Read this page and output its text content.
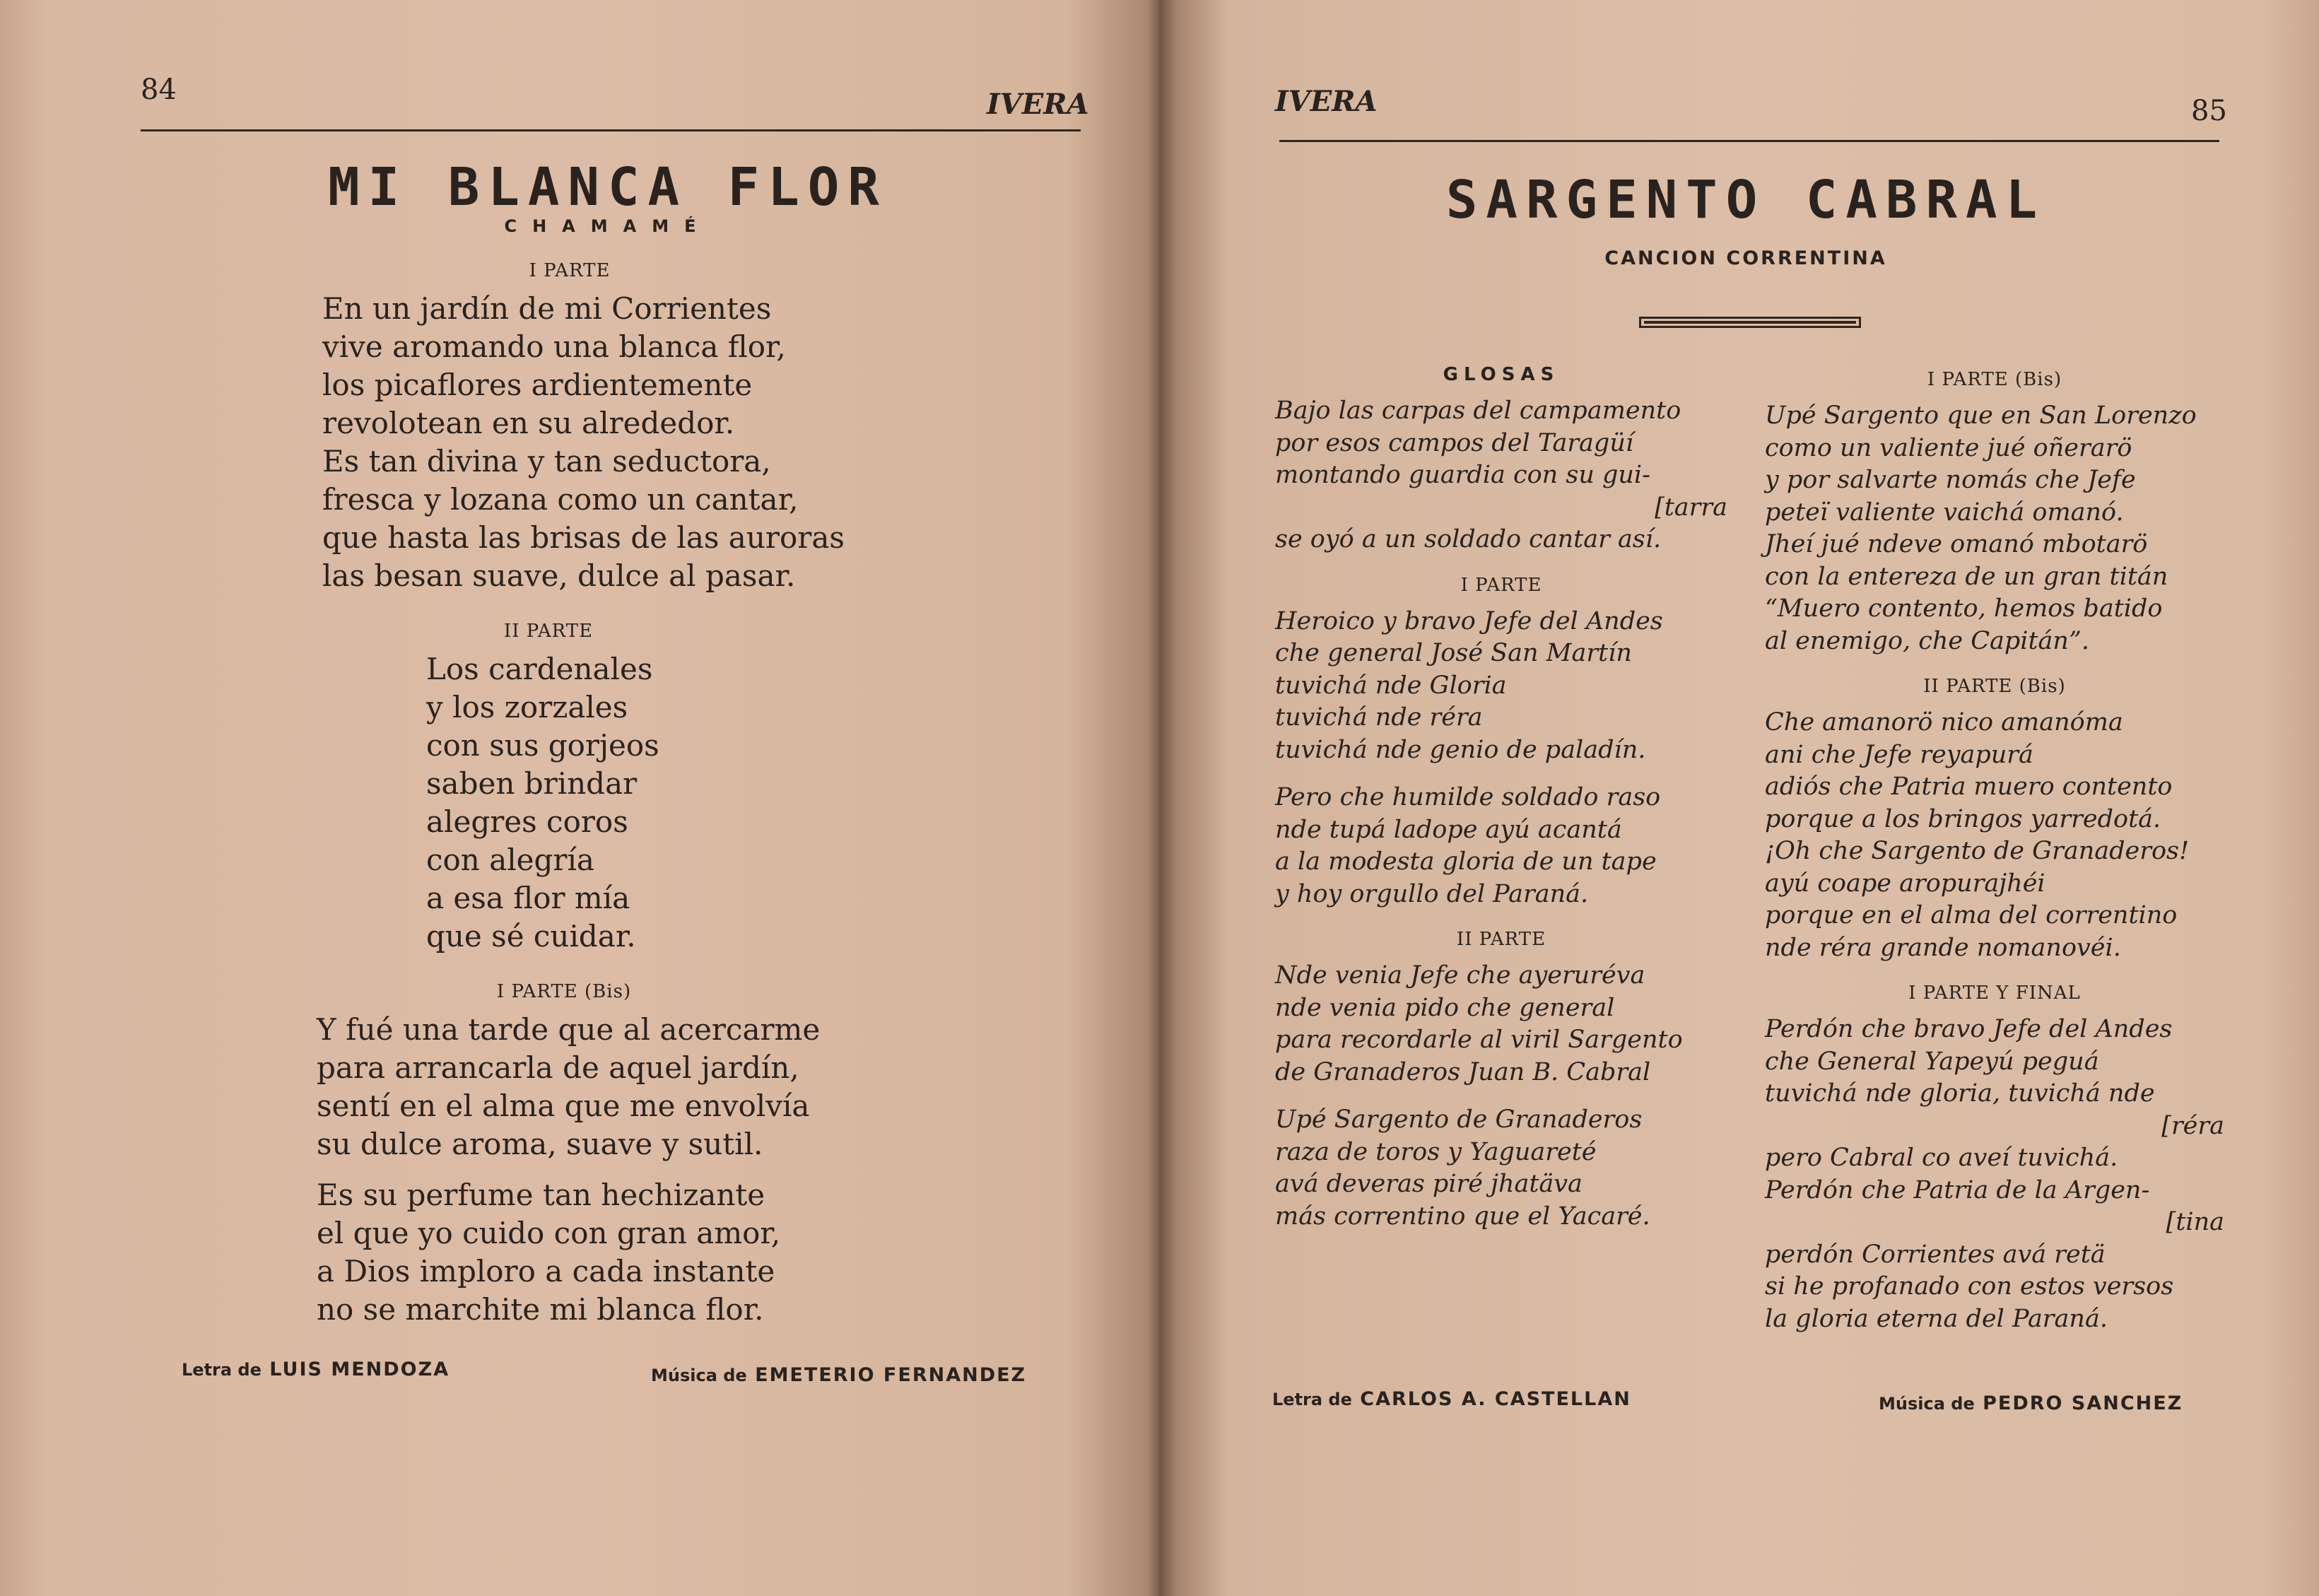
84	IVERA
MI BLANCA FLOR
CHAMAMÉ
I PARTE
En un jardín de mi Corrientes
vive aromando una blanca flor,
los picaflores ardientemente
revolotean en su alrededor.
Es tan divina y tan seductora,
fresca y lozana como un cantar,
que hasta las brisas de las auroras
las besan suave, dulce al pasar.
II PARTE
Los cardenales
y los zorzales
con sus gorjeos
saben brindar
alegres coros
con alegría
a esa flor mía
que sé cuidar.
I PARTE (Bis)
Y fué una tarde que al acercarme
para arrancarla de aquel jardín,
sentí en el alma que me envolvía
su dulce aroma, suave y sutil.
Es su perfume tan hechizante
el que yo cuido con gran amor,
a Dios imploro a cada instante
no se marchite mi blanca flor.
Letra de LUIS MENDOZA	Música de EMETERIO FERNANDEZ
IVERA	85
SARGENTO CABRAL
CANCION CORRENTINA
GLOSAS
Bajo las carpas del campamento
por esos campos del Taragüí
montando guardia con su gui-
[tarra
se oyó a un soldado cantar así.
I PARTE
Heroico y bravo Jefe del Andes
che general José San Martín
tuvichá nde Gloria
tuvichá nde réra
tuvichá nde genio de paladín.
Pero che humilde soldado raso
nde tupá ladope ayú acantá
a la modesta gloria de un tape
y hoy orgullo del Paraná.
II PARTE
Nde venia Jefe che ayeruréva
nde venia pido che general
para recordarle al viril Sargento
de Granaderos Juan B. Cabral
Upé Sargento de Granaderos
raza de toros y Yaguareté
avá deveras piré jhatäva
más correntino que el Yacaré.
I PARTE (Bis)
Upé Sargento que en San Lorenzo
como un valiente jué oñerarö
y por salvarte nomás che Jefe
peteï valiente vaichá omanó.
Jheí jué ndeve omanó mbotarö
con la entereza de un gran titán
“Muero contento, hemos batido
al enemigo, che Capitán”.
II PARTE (Bis)
Che amanorö nico amanóma
ani che Jefe reyapurá
adiós che Patria muero contento
porque a los bringos yarredotá.
¡Oh che Sargento de Granaderos!
ayú coape aropurajhéi
porque en el alma del correntino
nde réra grande nomanovéi.
I PARTE Y FINAL
Perdón che bravo Jefe del Andes
che General Yapeyú peguá
tuvichá nde gloria, tuvichá nde
[réra
pero Cabral co aveí tuvichá.
Perdón che Patria de la Argen-
[tina
perdón Corrientes avá retä
si he profanado con estos versos
la gloria eterna del Paraná.
Letra de CARLOS A. CASTELLAN	Música de PEDRO SANCHEZ
